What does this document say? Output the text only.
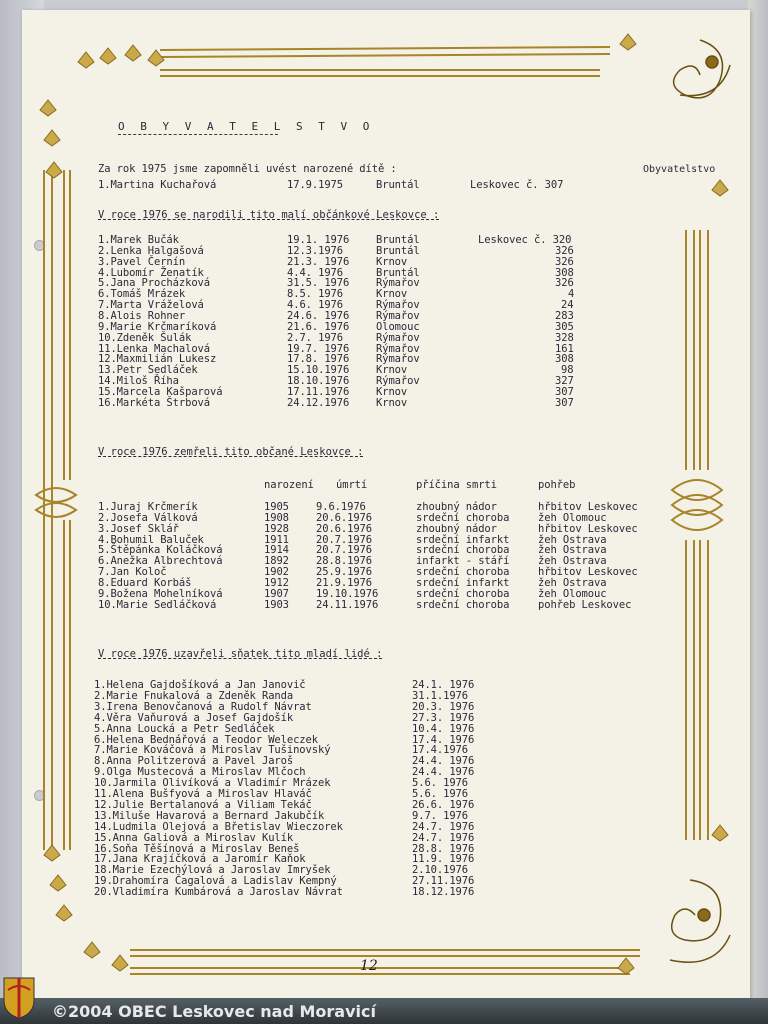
O B Y V A T E L S T V O
Obyvatelstvo
Za rok 1975 jsme zapomněli uvést narozené dítě :
1.Martina Kuchařová	17.9.1975	Bruntál	Leskovec č. 307
V roce 1976 se narodili tito malí občánkové Leskovce :
1.Marek Bučák	19.1. 1976	Bruntál	Leskovec č. 320
2.Lenka Halgašová	12.3.1976	Bruntál	326
3.Pavel Černín	21.3. 1976	Krnov	326
4.Lubomír Ženatík	4.4. 1976	Bruntál	308
5.Jana Procházková	31.5. 1976	Rýmařov	326
6.Tomáš Mrázek	8.5. 1976	Krnov	4
7.Marta Vráželová	4.6. 1976	Rýmařov	24
8.Alois Rohner	24.6. 1976	Rýmařov	283
9.Marie Krčmaríková	21.6. 1976	Olomouc	305
10.Zdeněk Šulák	2.7. 1976	Rýmařov	328
11.Lenka Machalová	19.7. 1976	Rýmařov	161
12.Maxmilián Lukesz	17.8. 1976	Rýmařov	308
13.Petr Sedláček	15.10.1976	Krnov	98
14.Miloš Říha	18.10.1976	Rýmařov	327
15.Marcela Kašparová	17.11.1976	Krnov	307
16.Markéta Štrbová	24.12.1976	Krnov	307
V roce 1976 zemřeli tito občané Leskovce :
narození úmrtí	příčina smrti	pohřeb
1.Juraj Krčmerík	1905	9.6.1976	zhoubný nádor	hřbitov Leskovec
2.Josefa Válková	1908	20.6.1976	srdeční choroba	žeh Olomouc
3.Josef Sklář	1928	20.6.1976	zhoubný nádor	hřbitov Leskovec
4.Bohumil Baluček	1911	20.7.1976	srdeční infarkt	žeh Ostrava
5.Štěpánka Koláčková	1914	20.7.1976	srdeční choroba	žeh Ostrava
6.Anežka Albrechtová	1892	28.8.1976	infarkt - stáří	žeh Ostrava
7.Jan Koloč	1902	25.9.1976	srdeční choroba	hřbitov Leskovec
8.Eduard Korbáš	1912	21.9.1976	srdeční infarkt	žeh Ostrava
9.Božena Mohelníková	1907	19.10.1976	srdeční choroba	žeh Olomouc
10.Marie Sedláčková	1903	24.11.1976	srdeční choroba	pohřeb Leskovec
V roce 1976 uzavřeli sňatek tito mladí lidé :
1.Helena Gajdošíková a Jan Janovič	24.1. 1976
2.Marie Fnukalová a Zdeněk Randa	31.1.1976
3.Irena Benovčanová a Rudolf Návrat	20.3. 1976
4.Věra Vaňurová a Josef Gajdošík	27.3. 1976
5.Anna Loucká a Petr Sedláček	10.4. 1976
6.Helena Bednářová a Teodor Weleczek	17.4. 1976
7.Marie Kováčová a Miroslav Tušinovský	17.4.1976
8.Anna Politzerová a Pavel Jaroš	24.4. 1976
9.Olga Mustecová a Miroslav Mlčoch	24.4. 1976
10.Jarmila Olivíková a Vladimír Mrázek	5.6. 1976
11.Alena Bušfyová a Miroslav Hlaváč	5.6. 1976
12.Julie Bertalanová a Viliam Tekáč	26.6. 1976
13.Miluše Havarová a Bernard Jakubčík	9.7. 1976
14.Ludmila Olejová a Břetislav Wieczorek	24.7. 1976
15.Anna Galiová a Miroslav Kulík	24.7. 1976
16.Soňa Těšínová a Miroslav Beneš	28.8. 1976
17.Jana Krajíčková a Jaromír Kaňok	11.9. 1976
18.Marie Ezechýlová a Jaroslav Imryšek	2.10.1976
19.Drahomíra Čagalová a Ladislav Kempný	27.11.1976
20.Vladimíra Kumbárová a Jaroslav Návrat	18.12.1976
12
©2004 OBEC Leskovec nad Moravicí
